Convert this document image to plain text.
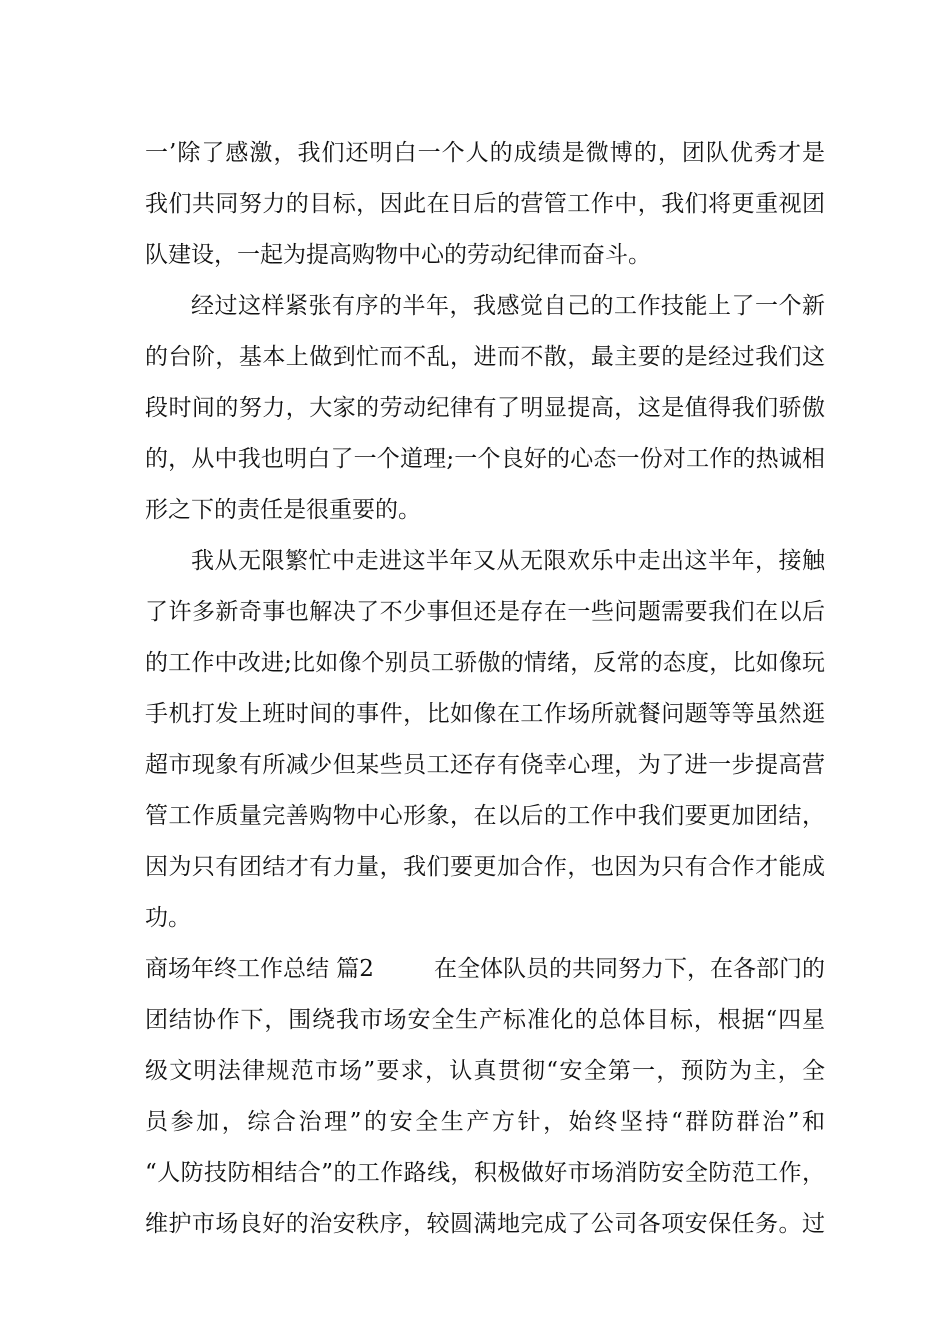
一’除了感激，我们还明白一个人的成绩是微博的，团队优秀才是
我们共同努力的目标，因此在日后的营管工作中，我们将更重视团
队建设，一起为提高购物中心的劳动纪律而奋斗。
经过这样紧张有序的半年，我感觉自己的工作技能上了一个新
的台阶，基本上做到忙而不乱，进而不散，最主要的是经过我们这
段时间的努力，大家的劳动纪律有了明显提高，这是值得我们骄傲
的，从中我也明白了一个道理;一个良好的心态一份对工作的热诚相
形之下的责任是很重要的。
我从无限繁忙中走进这半年又从无限欢乐中走出这半年，接触
了许多新奇事也解决了不少事但还是存在一些问题需要我们在以后
的工作中改进;比如像个别员工骄傲的情绪，反常的态度，比如像玩
手机打发上班时间的事件，比如像在工作场所就餐问题等等虽然逛
超市现象有所减少但某些员工还存有侥幸心理，为了进一步提高营
管工作质量完善购物中心形象，在以后的工作中我们要更加团结，
因为只有团结才有力量，我们要更加合作，也因为只有合作才能成
功。
商场年终工作总结 篇2	在全体队员的共同努力下，在各部门的
团结协作下，围绕我市场安全生产标准化的总体目标，根据“四星
级文明法律规范市场”要求，认真贯彻“安全第一，预防为主，全
员参加，综合治理”的安全生产方针，始终坚持“群防群治”和
“人防技防相结合”的工作路线，积极做好市场消防安全防范工作，
维护市场良好的治安秩序，较圆满地完成了公司各项安保任务。过
